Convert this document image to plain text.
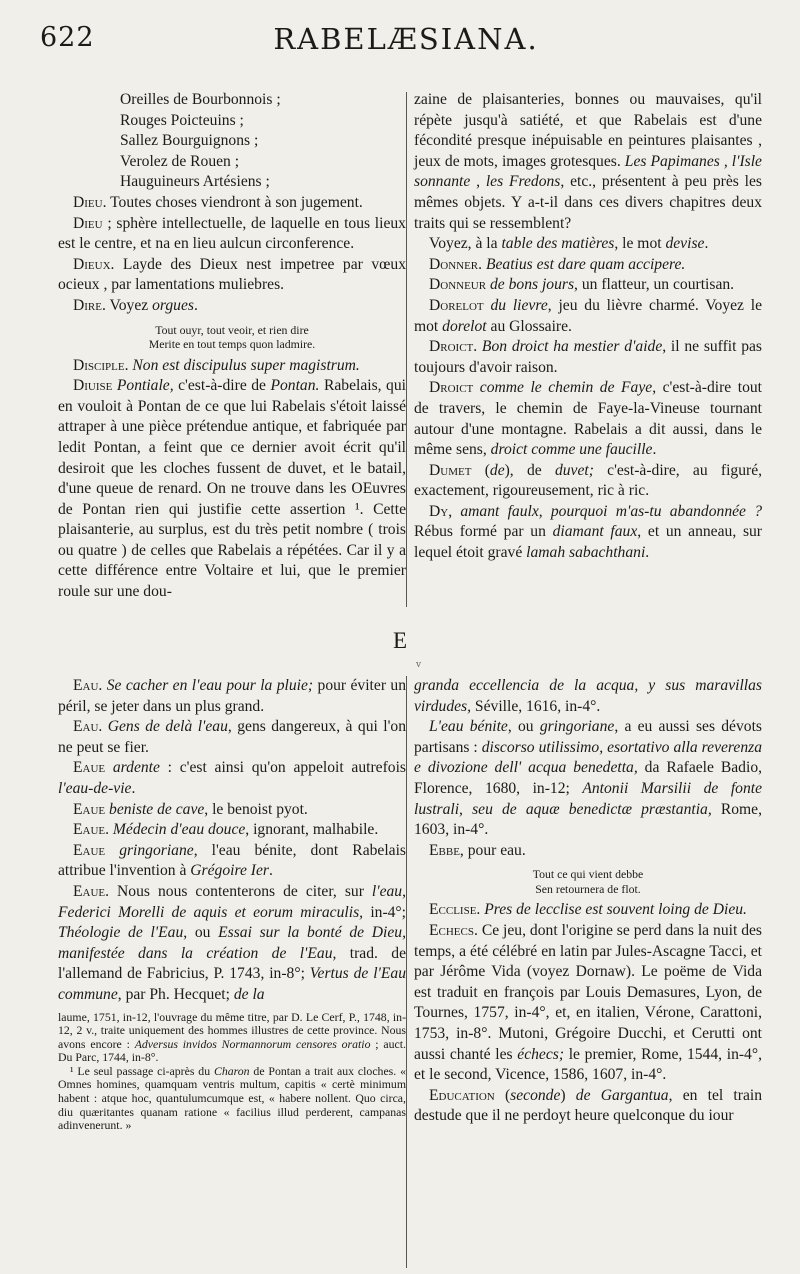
622	RABELÆSIANA.
Oreilles de Bourbonnois ;
Rouges Poicteuins ;
Sallez Bourguignons ;
Verolez de Rouen ;
Hauguineurs Artésiens ;

Dieu. Toutes choses viendront à son jugement.

Dieu ; sphère intellectuelle, de laquelle en tous lieux est le centre, et na en lieu aulcun circonference.

Dieux. Layde des Dieux nest impetree par vœux ocieux , par lamentations muliebres.

Dire. Voyez orgues.

Tout ouyr, tout veoir, et rien dire
Merite en tout temps quon ladmire.

Disciple. Non est discipulus super magistrum.

Diuise Pontiale, c'est-à-dire de Pontan. Rabelais, qui en vouloit à Pontan de ce que lui Rabelais s'étoit laissé attraper à une pièce prétendue antique, et fabriquée par ledit Pontan, a feint que ce dernier avoit écrit qu'il desiroit que les cloches fussent de duvet, et le batail, d'une queue de renard. On ne trouve dans les OEuvres de Pontan rien qui justifie cette assertion ¹. Cette plaisanterie, au surplus, est du très petit nombre ( trois ou quatre ) de celles que Rabelais a répétées. Car il y a cette différence entre Voltaire et lui, que le premier roule sur une dou-

zaine de plaisanteries, bonnes ou mauvaises, qu'il répète jusqu'à satiété, et que Rabelais est d'une fécondité presque inépuisable en peintures plaisantes , jeux de mots, images grotesques. Les Papimanes , l'Isle sonnante , les Fredons, etc., présentent à peu près les mêmes objets. Y a-t-il dans ces divers chapitres deux traits qui se ressemblent?

Voyez, à la table des matières, le mot devise.

Donner. Beatius est dare quam accipere.

Donneur de bons jours, un flatteur, un courtisan.

Dorelot du lievre, jeu du lièvre charmé. Voyez le mot dorelot au Glossaire.

Droict. Bon droict ha mestier d'aide, il ne suffit pas toujours d'avoir raison.

Droict comme le chemin de Faye, c'est-à-dire tout de travers, le chemin de Faye-la-Vineuse tournant autour d'une montagne. Rabelais a dit aussi, dans le même sens, droict comme une faucille.

Dumet (de), de duvet; c'est-à-dire, au figuré, exactement, rigoureusement, ric à ric.

Dy, amant faulx, pourquoi m'as-tu abandonnée ? Rébus formé par un diamant faux, et un anneau, sur lequel étoit gravé lamah sabachthani.

E
v

Eau. Se cacher en l'eau pour la pluie; pour éviter un péril, se jeter dans un plus grand.

Eau. Gens de delà l'eau, gens dangereux, à qui l'on ne peut se fier.

Eaue ardente : c'est ainsi qu'on appeloit autrefois l'eau-de-vie.

Eaue beniste de cave, le benoist pyot.

Eaue. Médecin d'eau douce, ignorant, malhabile.

Eaue gringoriane, l'eau bénite, dont Rabelais attribue l'invention à Grégoire Ier.

Eaue. Nous nous contenterons de citer, sur l'eau, Federici Morelli de aquis et eorum miraculis, in-4°; Théologie de l'Eau, ou Essai sur la bonté de Dieu, manifestée dans la création de l'Eau, trad. de l'allemand de Fabricius, P. 1743, in-8°; Vertus de l'Eau commune, par Ph. Hecquet; de la

laume, 1751, in-12, l'ouvrage du même titre, par D. Le Cerf, P., 1748, in-12, 2 v., traite uniquement des hommes illustres de cette province. Nous avons encore : Adversus invidos Normannorum censores oratio ; auct. Du Parc, 1744, in-8°.

¹ Le seul passage ci-après du Charon de Pontan a trait aux cloches. « Omnes homines, quamquam ventris multum, capitis « certè minimum habent : atque hoc, quantulumcumque est, « habere nollent. Quo circa, diu quæritantes quanam ratione « facilius illud perderent, campanas adinvenerunt. »

granda eccellencia de la acqua, y sus maravillas virdudes, Séville, 1616, in-4°.

L'eau bénite, ou gringoriane, a eu aussi ses dévots partisans : discorso utilissimo, esortativo alla reverenza e divozione dell' acqua benedetta, da Rafaele Badio, Florence, 1680, in-12; Antonii Marsilii de fonte lustrali, seu de aquæ benedictæ præstantia, Rome, 1603, in-4°.

Ebbe, pour eau.

Tout ce qui vient debbe
Sen retournera de flot.

Ecclise. Pres de lecclise est souvent loing de Dieu.

Echecs. Ce jeu, dont l'origine se perd dans la nuit des temps, a été célébré en latin par Jules-Ascagne Tacci, et par Jérôme Vida (voyez Dornaw). Le poëme de Vida est traduit en françois par Louis Demasures, Lyon, de Tournes, 1757, in-4°, et, en italien, Vérone, Carattoni, 1753, in-8°. Mutoni, Grégoire Ducchi, et Cerutti ont aussi chanté les échecs; le premier, Rome, 1544, in-4°, et le second, Vicence, 1586, 1607, in-4°.

Education (seconde) de Gargantua, en tel train destude que il ne perdoyt heure quelconque du iour
